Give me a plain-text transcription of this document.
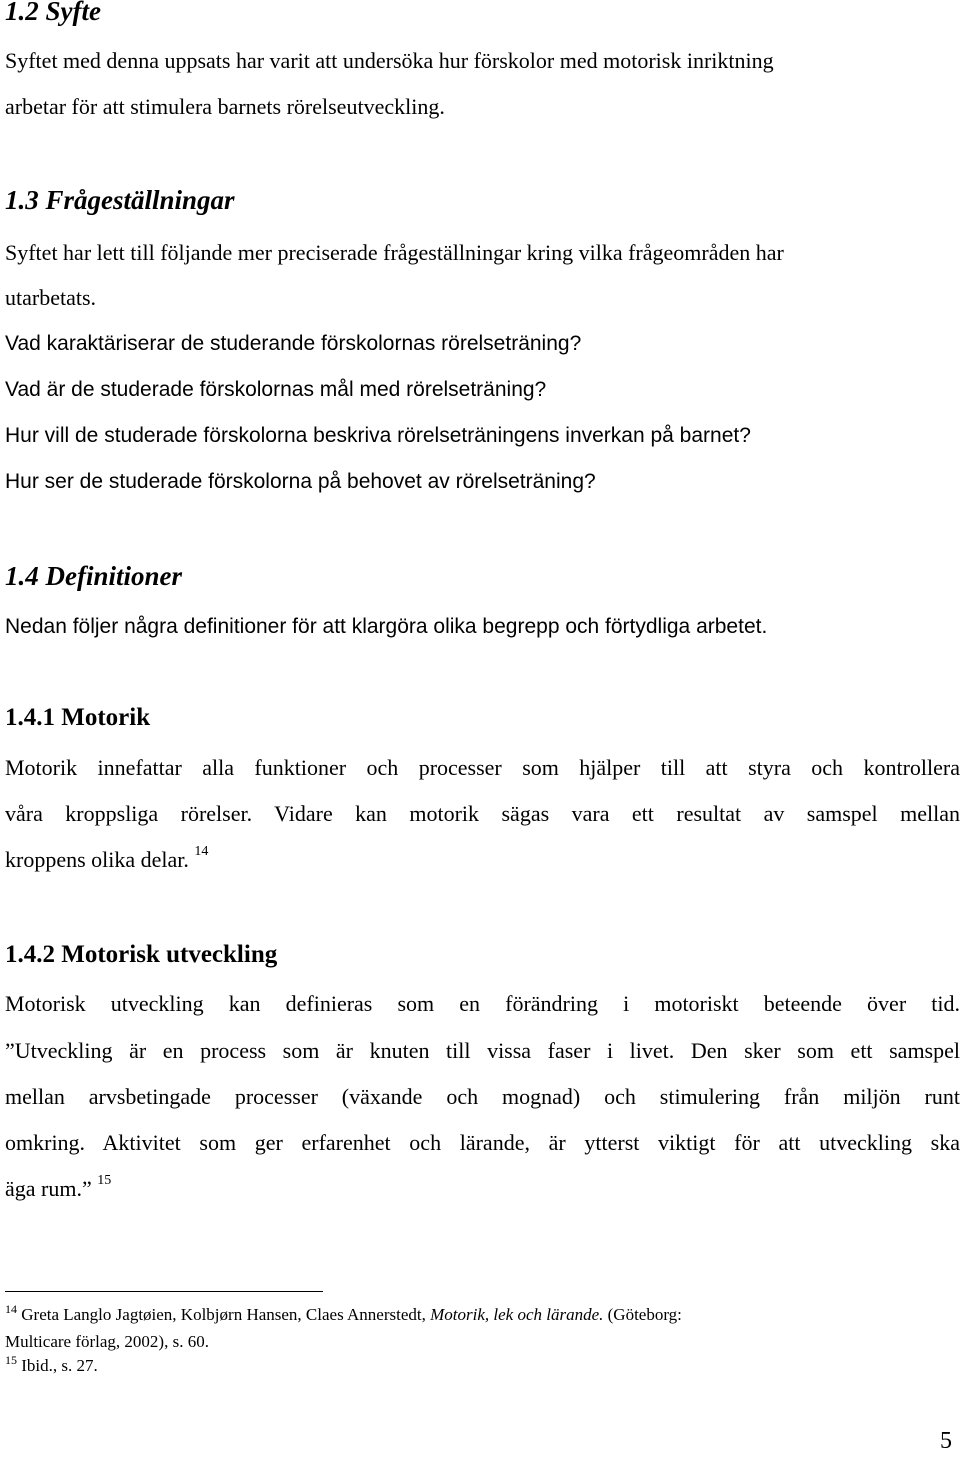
1.2 Syfte
Syftet med denna uppsats har varit att undersöka hur förskolor med motorisk inriktning
arbetar för att stimulera barnets rörelseutveckling.
1.3 Frågeställningar
Syftet har lett till följande mer preciserade frågeställningar kring vilka frågeområden har
utarbetats.
Vad karaktäriserar de studerande förskolornas rörelseträning?
Vad är de studerade förskolornas mål med rörelseträning?
Hur vill de studerade förskolorna beskriva rörelseträningens inverkan på barnet?
Hur ser de studerade förskolorna på behovet av rörelseträning?
1.4 Definitioner
Nedan följer några definitioner för att klargöra olika begrepp och förtydliga arbetet.
1.4.1 Motorik
Motorik innefattar alla funktioner och processer som hjälper till att styra och kontrollera
våra kroppsliga rörelser. Vidare kan motorik sägas vara ett resultat av samspel mellan
kroppens olika delar. $^{14}$
1.4.2 Motorisk utveckling
Motorisk utveckling kan definieras som en förändring i motoriskt beteende över tid.
”Utveckling är en process som är knuten till vissa faser i livet. Den sker som ett samspel
mellan arvsbetingade processer (växande och mognad) och stimulering från miljön runt
omkring. Aktivitet som ger erfarenhet och lärande, är ytterst viktigt för att utveckling ska
äga rum.” $^{15}$
$^{14}$ Greta Langlo Jagtøien, Kolbjørn Hansen, Claes Annerstedt, Motorik, lek och lärande. (Göteborg:
Multicare förlag, 2002), s. 60.
$^{15}$ Ibid., s. 27.
5
